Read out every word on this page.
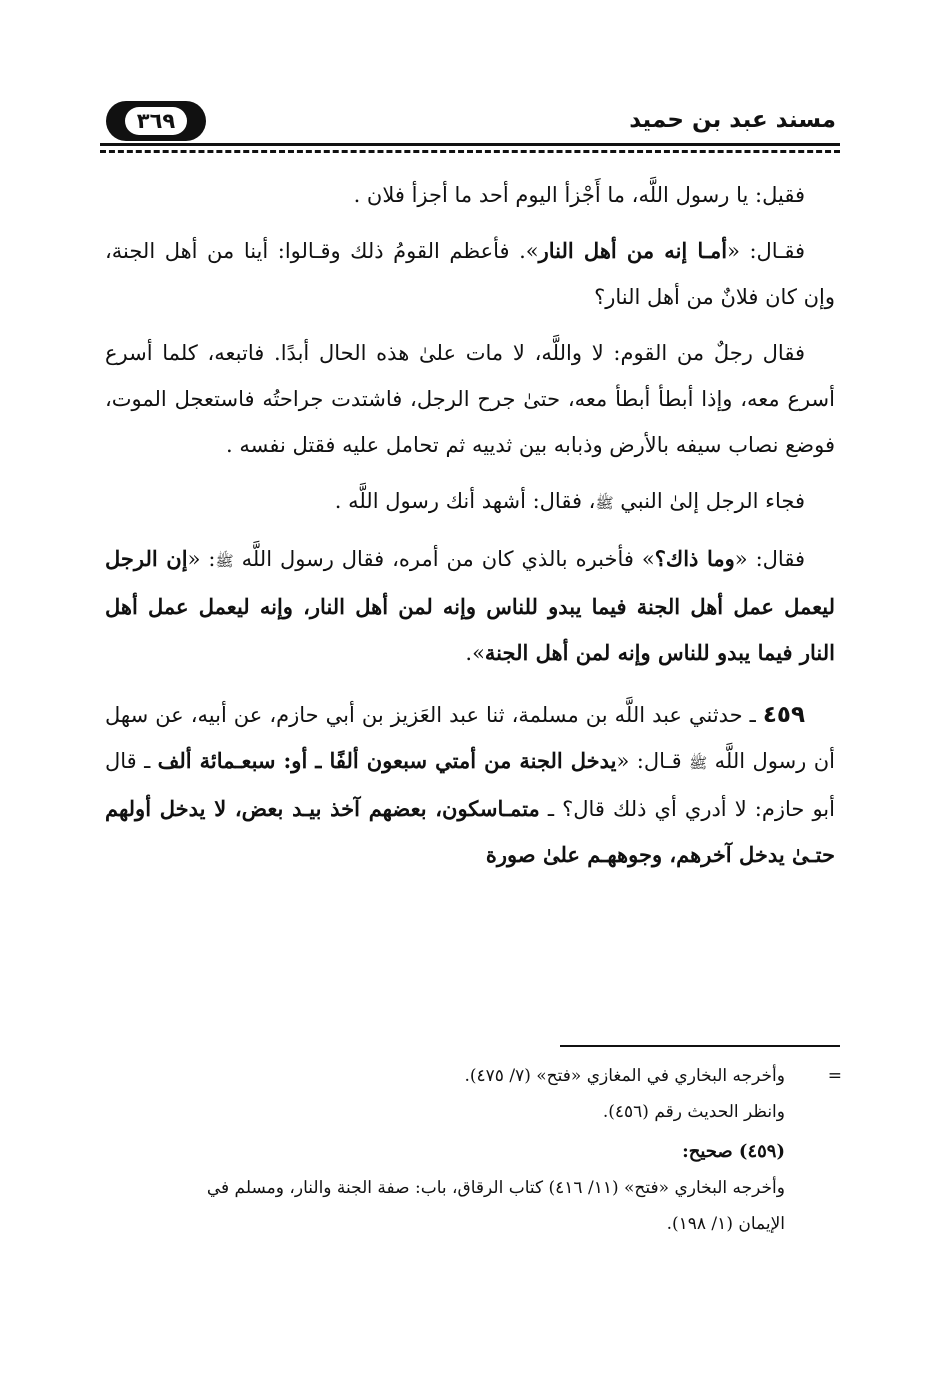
٣٦٩	مسند عبد بن حميد

فقيل: يا رسول اللَّه، ما أَجْزأ اليوم أحد ما أجزأ فلان .

فقـال: «أمـا إنه من أهل النار». فأعظم القومُ ذلك وقـالوا: أينا من أهل الجنة، وإن كان فلانٌ من أهل النار؟

فقال رجلٌ من القوم: لا واللَّه، لا مات علىٰ هذه الحال أبدًا. فاتبعه، كلما أسرع أسرع معه، وإذا أبطأ أبطأ معه، حتىٰ جرح الرجل، فاشتدت جراحتُه فاستعجل الموت، فوضع نصاب سيفه بالأرض وذبابه بين ثدييه ثم تحامل عليه فقتل نفسه .

فجاء الرجل إلىٰ النبي ﷺ، فقال: أشهد أنك رسول اللَّه .

فقال: «وما ذاك؟» فأخبره بالذي كان من أمره، فقال رسول اللَّه ﷺ: «إن الرجل ليعمل عمل أهل الجنة فيما يبدو للناس وإنه لمن أهل النار، وإنه ليعمل عمل أهل النار فيما يبدو للناس وإنه لمن أهل الجنة».

٤٥٩ ـ حدثني عبد اللَّه بن مسلمة، ثنا عبد العَزيز بن أبي حازم، عن أبيه، عن سهل أن رسول اللَّه ﷺ قـال: «يدخل الجنة من أمتي سبعون ألفًا ـ أو: سبعـمائة ألف ـ قال أبو حازم: لا أدري أي ذلك قال؟ ـ متمـاسكون، بعضهم آخذ بيـد بعض، لا يدخل أولهم حتـىٰ يدخل آخرهم، وجوههـم علىٰ صورة

=
وأخرجه البخاري في المغازي «فتح» (٧/ ٤٧٥).
وانظر الحديث رقم (٤٥٦).
(٤٥٩) صحيح:
وأخرجه البخاري «فتح» (١١/ ٤١٦) كتاب الرقاق، باب: صفة الجنة والنار، ومسلم في
الإيمان (١/ ١٩٨).
